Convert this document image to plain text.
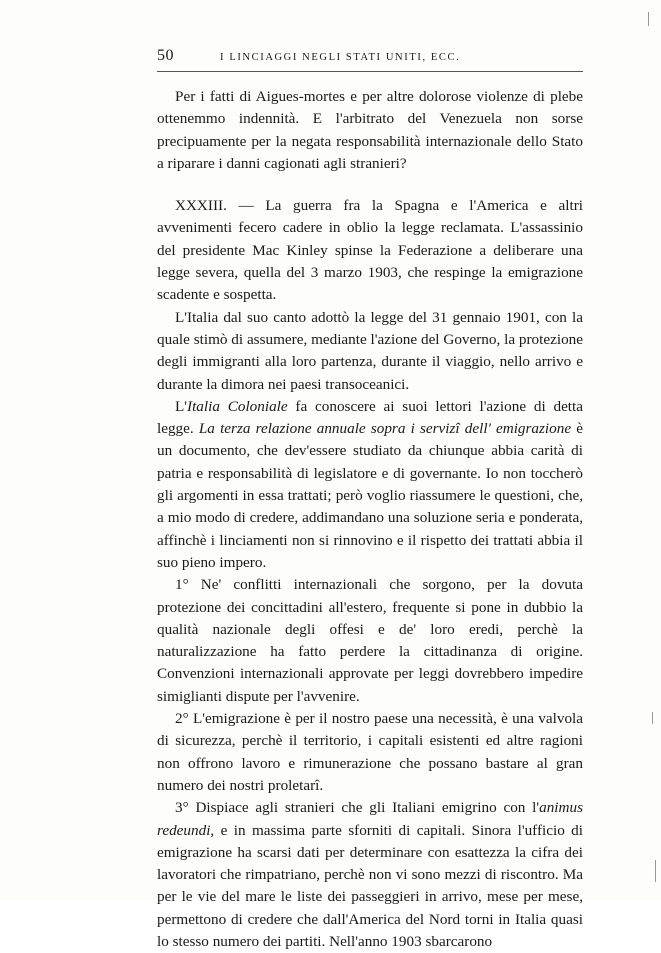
50	I LINCIAGGI NEGLI STATI UNITI, ECC.

Per i fatti di Aigues-mortes e per altre dolorose violenze di plebe ottenemmo indennità. E l'arbitrato del Venezuela non sorse precipuamente per la negata responsabilità internazionale dello Stato a riparare i danni cagionati agli stranieri?

XXXIII. — La guerra fra la Spagna e l'America e altri avvenimenti fecero cadere in oblio la legge reclamata. L'assassinio del presidente Mac Kinley spinse la Federazione a deliberare una legge severa, quella del 3 marzo 1903, che respinge la emigrazione scadente e sospetta.

L'Italia dal suo canto adottò la legge del 31 gennaio 1901, con la quale stimò di assumere, mediante l'azione del Governo, la protezione degli immigranti alla loro partenza, durante il viaggio, nello arrivo e durante la dimora nei paesi transoceanici.

L'Italia Coloniale fa conoscere ai suoi lettori l'azione di detta legge. La terza relazione annuale sopra i servizî dell' emigrazione è un documento, che dev'essere studiato da chiunque abbia carità di patria e responsabilità di legislatore e di governante. Io non toccherò gli argomenti in essa trattati; però voglio riassumere le questioni, che, a mio modo di credere, addimandano una soluzione seria e ponderata, affinchè i linciamenti non si rinnovino e il rispetto dei trattati abbia il suo pieno impero.

1° Ne' conflitti internazionali che sorgono, per la dovuta protezione dei concittadini all'estero, frequente si pone in dubbio la qualità nazionale degli offesi e de' loro eredi, perchè la naturalizzazione ha fatto perdere la cittadinanza di origine. Convenzioni internazionali approvate per leggi dovrebbero impedire simiglianti dispute per l'avvenire.

2° L'emigrazione è per il nostro paese una necessità, è una valvola di sicurezza, perchè il territorio, i capitali esistenti ed altre ragioni non offrono lavoro e rimunerazione che possano bastare al gran numero dei nostri proletarî.

3° Dispiace agli stranieri che gli Italiani emigrino con l'animus redeundi, e in massima parte sforniti di capitali. Sinora l'ufficio di emigrazione ha scarsi dati per determinare con esattezza la cifra dei lavoratori che rimpatriano, perchè non vi sono mezzi di riscontro. Ma per le vie del mare le liste dei passeggieri in arrivo, mese per mese, permettono di credere che dall'America del Nord torni in Italia quasi lo stesso numero dei partiti. Nell'anno 1903 sbarcarono
